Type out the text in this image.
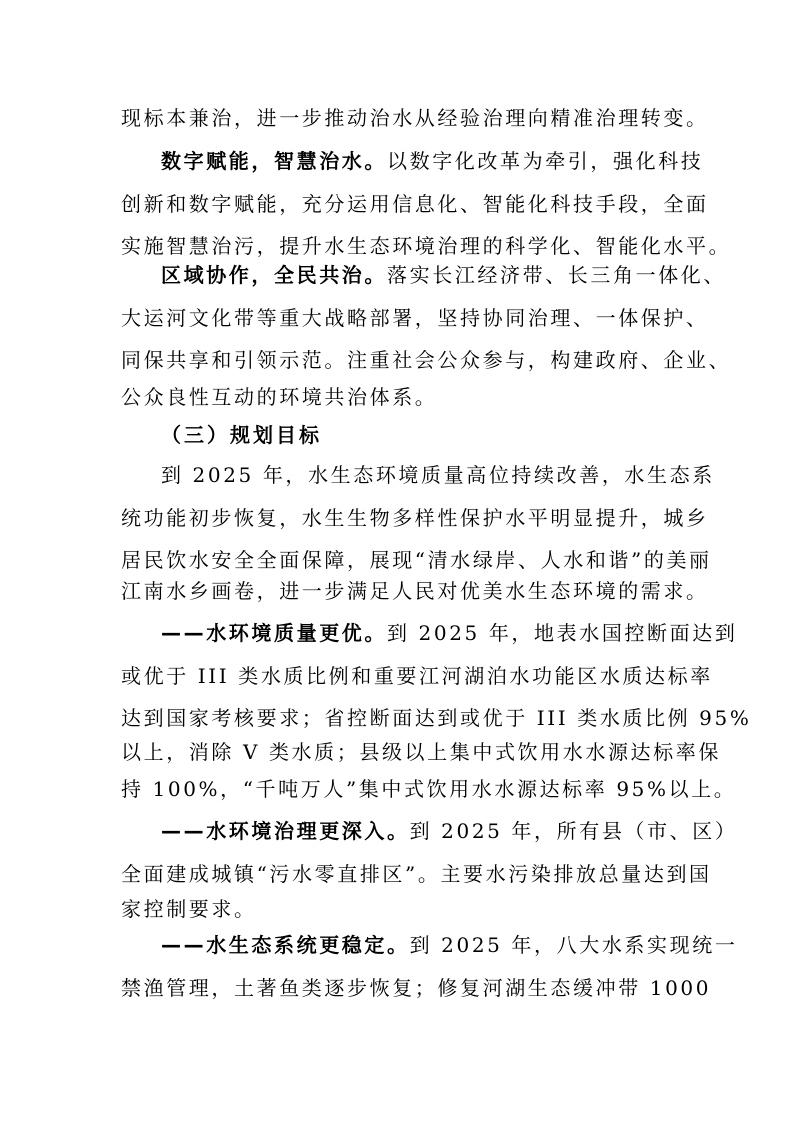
现标本兼治，进一步推动治水从经验治理向精准治理转变。
数字赋能，智慧治水。以数字化改革为牵引，强化科技
创新和数字赋能，充分运用信息化、智能化科技手段，全面
实施智慧治污，提升水生态环境治理的科学化、智能化水平。
区域协作，全民共治。落实长江经济带、长三角一体化、
大运河文化带等重大战略部署，坚持协同治理、一体保护、
同保共享和引领示范。注重社会公众参与，构建政府、企业、
公众良性互动的环境共治体系。
（三）规划目标
到 2025 年，水生态环境质量高位持续改善，水生态系
统功能初步恢复，水生生物多样性保护水平明显提升，城乡
居民饮水安全全面保障，展现“清水绿岸、人水和谐”的美丽
江南水乡画卷，进一步满足人民对优美水生态环境的需求。
——水环境质量更优。到 2025 年，地表水国控断面达到
或优于 III 类水质比例和重要江河湖泊水功能区水质达标率
达到国家考核要求；省控断面达到或优于 III 类水质比例 95%
以上，消除 V 类水质；县级以上集中式饮用水水源达标率保
持 100%，“千吨万人”集中式饮用水水源达标率 95%以上。
——水环境治理更深入。到 2025 年，所有县（市、区）
全面建成城镇“污水零直排区”。主要水污染排放总量达到国
家控制要求。
——水生态系统更稳定。到 2025 年，八大水系实现统一
禁渔管理，土著鱼类逐步恢复；修复河湖生态缓冲带 1000
